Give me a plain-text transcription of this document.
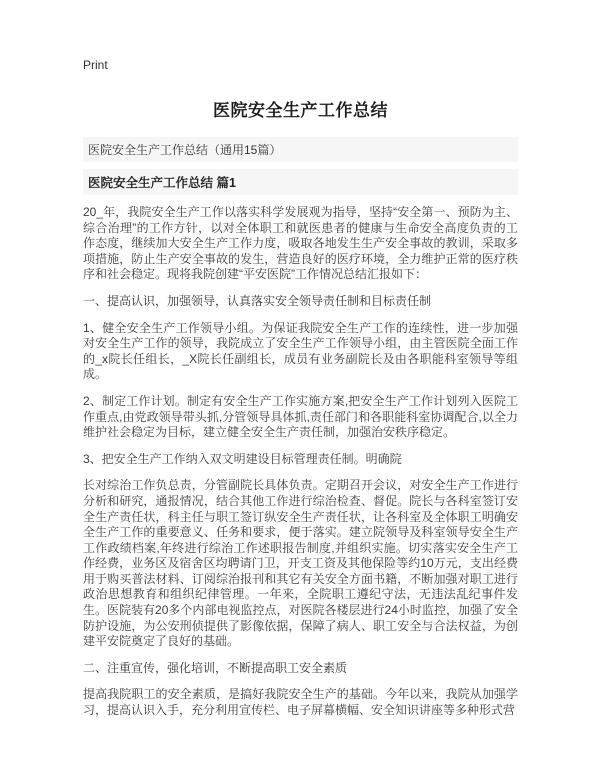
Print
医院安全生产工作总结
医院安全生产工作总结（通用15篇）
医院安全生产工作总结 篇1

20_年，我院安全生产工作以落实科学发展观为指导，坚持“安全第一、预防为主、综合治理”的工作方针，以对全体职工和就医患者的健康与生命安全高度负责的工作态度，继续加大安全生产工作力度，吸取各地发生生产安全事故的教训，采取多项措施，防止生产安全事故的发生，营造良好的医疗环境，全力维护正常的医疗秩序和社会稳定。现将我院创建“平安医院”工作情况总结汇报如下：

一、提高认识，加强领导，认真落实安全领导责任制和目标责任制

1、健全安全生产工作领导小组。为保证我院安全生产工作的连续性，进一步加强对安全生产工作的领导，我院成立了安全生产工作领导小组，由主管医院全面工作的_x院长任组长，_X院长任副组长，成员有业务副院长及由各职能科室领导等组成。

2、制定工作计划。制定有安全生产工作实施方案,把安全生产工作计划列入医院工作重点,由党政领导带头抓,分管领导具体抓,责任部门和各职能科室协调配合,以全力维护社会稳定为目标，建立健全安全生产责任制，加强治安秩序稳定。

3、把安全生产工作纳入双文明建设目标管理责任制。明确院

长对综治工作负总责，分管副院长具体负责。定期召开会议，对安全生产工作进行分析和研究，通报情况，结合其他工作进行综治检查、督促。院长与各科室签订安全生产责任状，科主任与职工签订纵安全生产责任状，让各科室及全体职工明确安全生产工作的重要意义、任务和要求，便于落实。建立院领导及科室领导安全生产工作政绩档案,年终进行综治工作述职报告制度,并组织实施。切实落实安全生产工作经费，业务区及宿舍区均聘请门卫，开支工资及其他保险等约10万元，支出经费用于购买普法材料、订阅综治报刊和其它有关安全方面书籍，不断加强对职工进行政治思想教育和组织纪律管理。一年来，全院职工遵纪守法，无违法乱纪事件发生。医院装有20多个内部电视监控点，对医院各楼层进行24小时监控，加强了安全防护设施，为公安刑侦提供了影像依据，保障了病人、职工安全与合法权益，为创建平安院奠定了良好的基础。

二、注重宣传，强化培训，不断提高职工安全素质

提高我院职工的安全素质，是搞好我院安全生产的基础。今年以来，我院从加强学习，提高认识入手，充分利用宣传栏、电子屏幕横幅、安全知识讲座等多种形式营
